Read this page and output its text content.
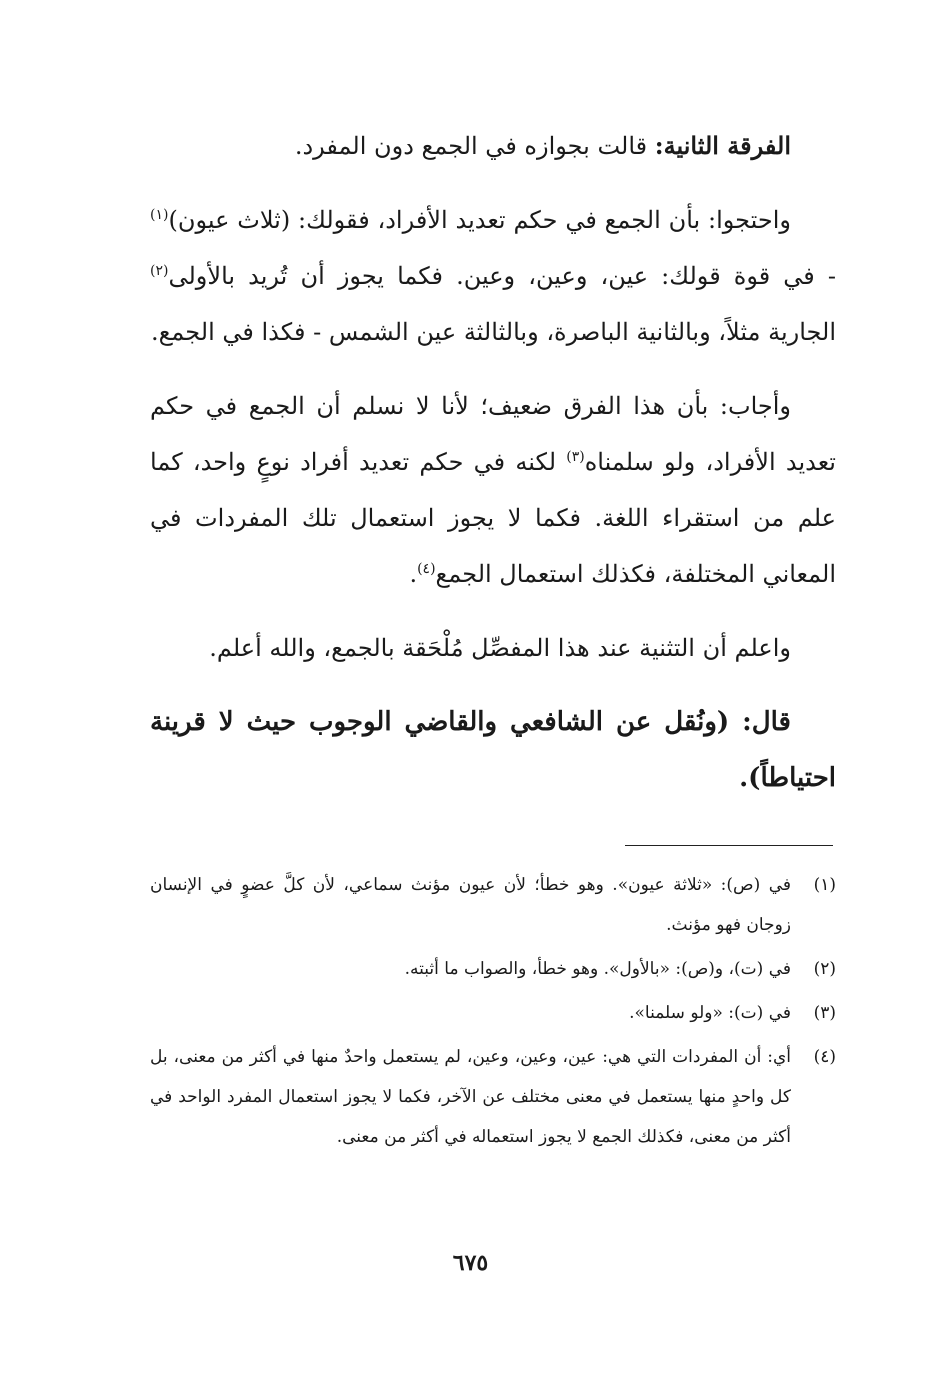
الفرقة الثانية: قالت بجوازه في الجمع دون المفرد.

واحتجوا: بأن الجمع في حكم تعديد الأفراد، فقولك: (ثلاث عيون)$^{(١)}$ - في قوة قولك: عين، وعين، وعين. فكما يجوز أن تُريد بالأولى$^{(٢)}$ الجارية مثلاً، وبالثانية الباصرة، وبالثالثة عين الشمس - فكذا في الجمع.

وأجاب: بأن هذا الفرق ضعيف؛ لأنا لا نسلم أن الجمع في حكم تعديد الأفراد، ولو سلمناه$^{(٣)}$ لكنه في حكم تعديد أفراد نوعٍ واحد، كما علم من استقراء اللغة. فكما لا يجوز استعمال تلك المفردات في المعاني المختلفة، فكذلك استعمال الجمع$^{(٤)}$.

واعلم أن التثنية عند هذا المفصِّل مُلْحَقة بالجمع، والله أعلم.

قال: (ونُقل عن الشافعي والقاضي الوجوب حيث لا قرينة احتياطاً).

(١)في (ص): «ثلاثة عيون». وهو خطأ؛ لأن عيون مؤنث سماعي، لأن كلَّ عضوٍ في الإنسان زوجان فهو مؤنث.

(٢)في (ت)، و(ص): «بالأول». وهو خطأ، والصواب ما أثبته.

(٣)في (ت): «ولو سلمنا».

(٤)أي: أن المفردات التي هي: عين، وعين، وعين، لم يستعمل واحدٌ منها في أكثر من معنى، بل كل واحدٍ منها يستعمل في معنى مختلف عن الآخر، فكما لا يجوز استعمال المفرد الواحد في أكثر من معنى، فكذلك الجمع لا يجوز استعماله في أكثر من معنى.

٦٧٥
